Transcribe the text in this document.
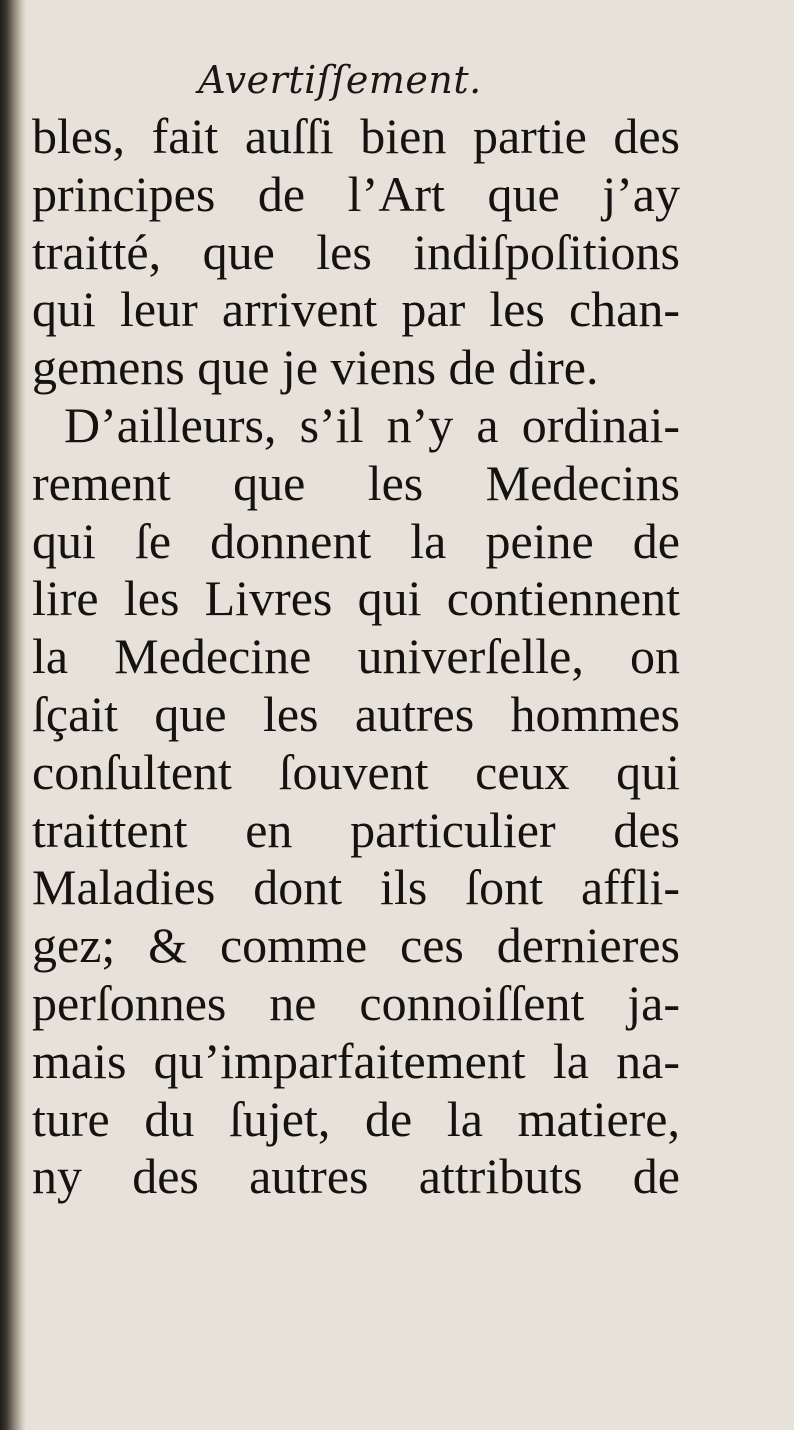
Avertiſſement.
bles, fait auſſi bien partie des
principes de l’Art que j’ay
traitté, que les indiſpoſitions
qui leur arrivent par les chan-
gemens que je viens de dire.
D’ailleurs, s’il n’y a ordinai-
rement que les Medecins
qui ſe donnent la peine de
lire les Livres qui contiennent
la Medecine univerſelle, on
ſçait que les autres hommes
conſultent ſouvent ceux qui
traittent en particulier des
Maladies dont ils ſont affli-
gez; & comme ces dernieres
perſonnes ne connoiſſent ja-
mais qu’imparfaitement la na-
ture du ſujet, de la matiere,
ny des autres attributs de
